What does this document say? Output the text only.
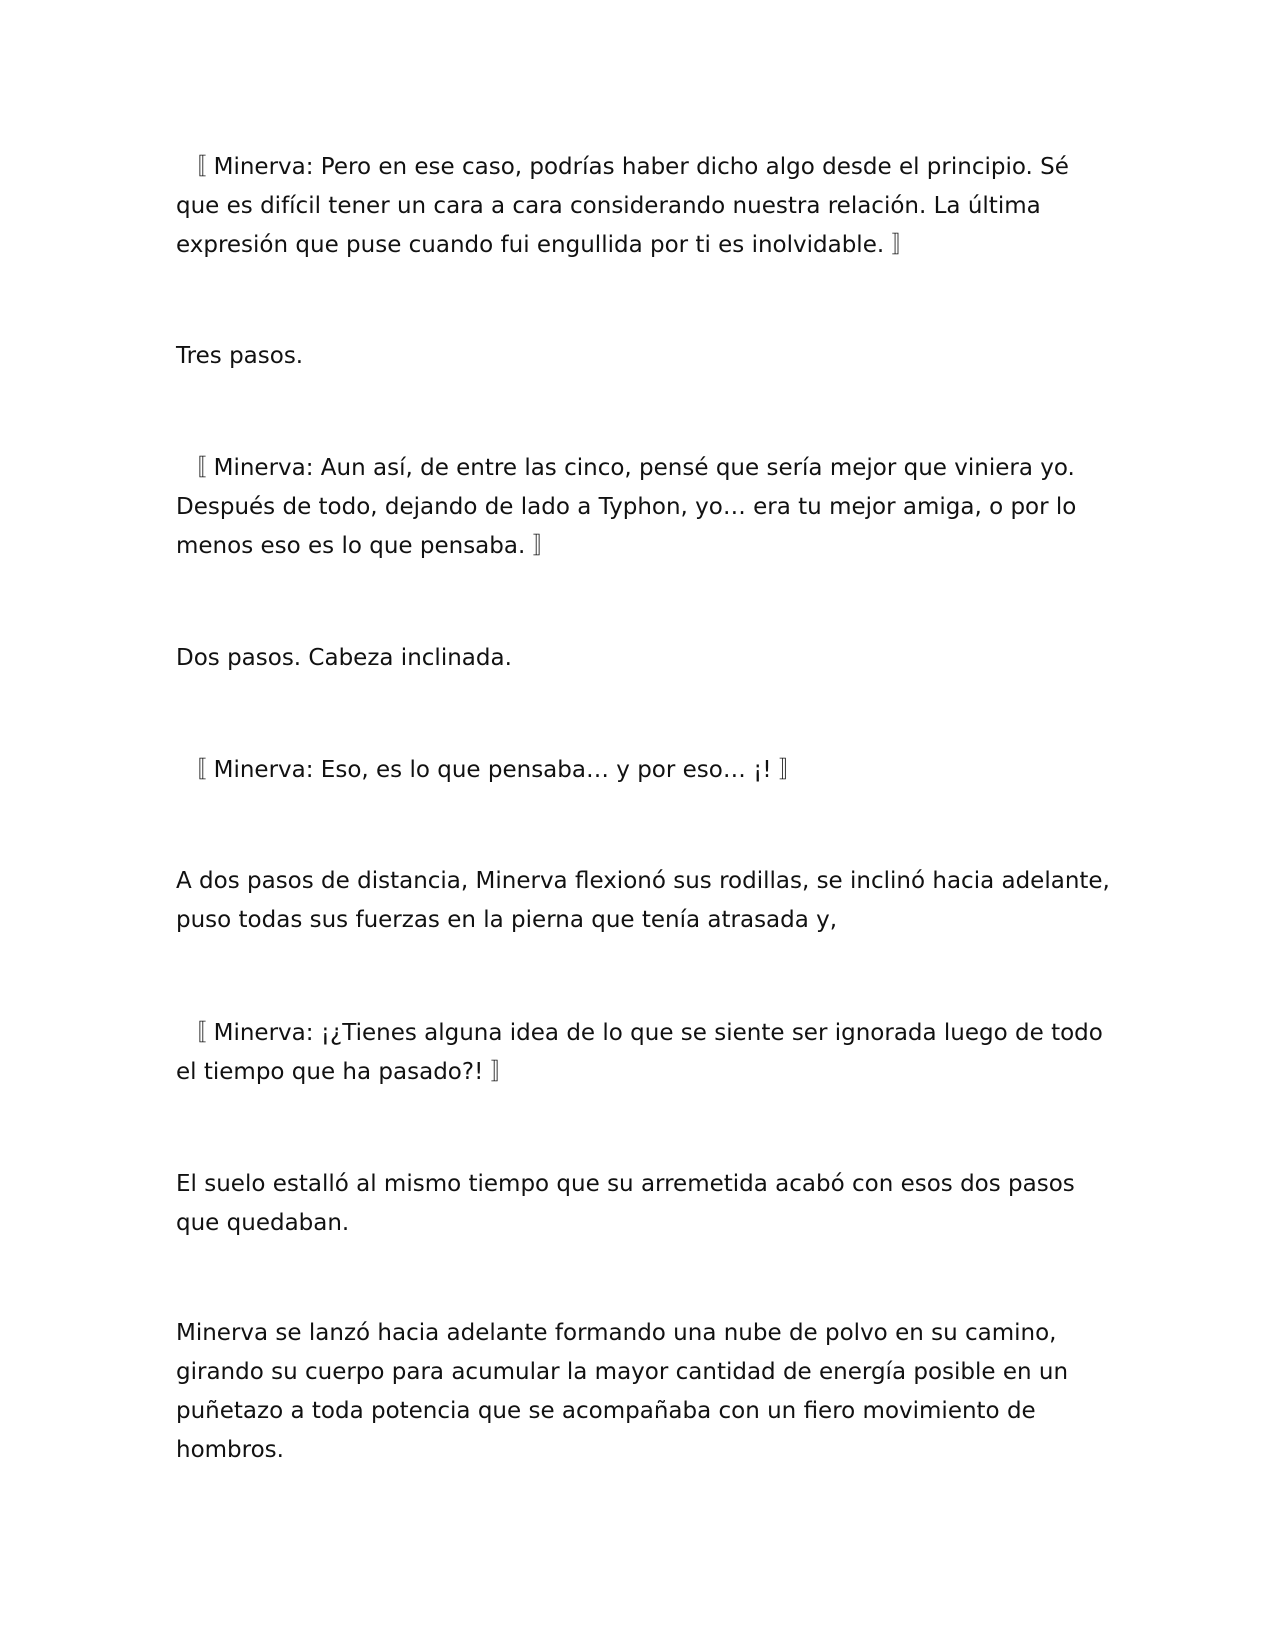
〚 Minerva: Pero en ese caso, podrías haber dicho algo desde el principio. Sé que es difícil tener un cara a cara considerando nuestra relación. La última expresión que puse cuando fui engullida por ti es inolvidable. 〛

Tres pasos.

〚 Minerva: Aun así, de entre las cinco, pensé que sería mejor que viniera yo. Después de todo, dejando de lado a Typhon, yo… era tu mejor amiga, o por lo menos eso es lo que pensaba. 〛

Dos pasos. Cabeza inclinada.

〚 Minerva: Eso, es lo que pensaba… y por eso… ¡! 〛

A dos pasos de distancia, Minerva flexionó sus rodillas, se inclinó hacia adelante, puso todas sus fuerzas en la pierna que tenía atrasada y,

〚 Minerva: ¡¿Tienes alguna idea de lo que se siente ser ignorada luego de todo el tiempo que ha pasado?! 〛

El suelo estalló al mismo tiempo que su arremetida acabó con esos dos pasos que quedaban.

Minerva se lanzó hacia adelante formando una nube de polvo en su camino, girando su cuerpo para acumular la mayor cantidad de energía posible en un puñetazo a toda potencia que se acompañaba con un fiero movimiento de hombros.
